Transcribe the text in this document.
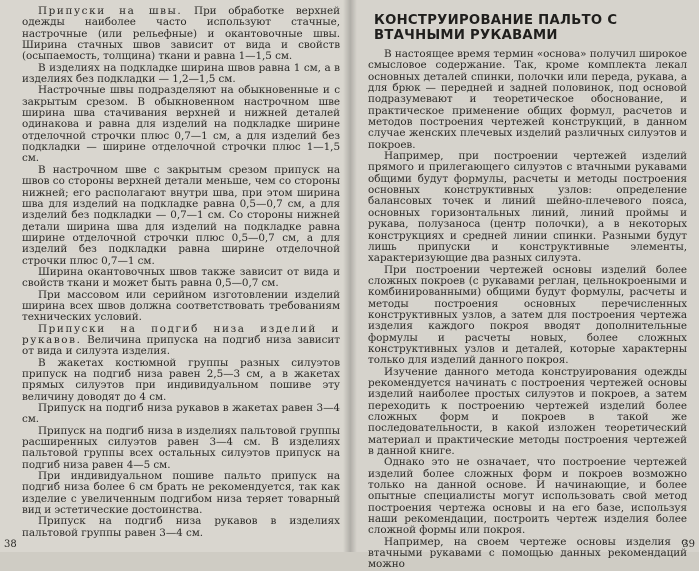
Припуски на швы. При обработке верхней одежды наиболее часто используют стачные, настрочные (или рельефные) и окантовочные швы. Ширина стачных швов зависит от вида и свойств (осыпаемость, толщина) ткани и равна 1—1,5 см.

В изделиях на подкладке ширина швов равна 1 см, а в изделиях без подкладки — 1,2—1,5 см.

Настрочные швы подразделяют на обыкновенные и с закрытым срезом. В обыкновенном настрочном шве ширина шва стачивания верхней и нижней деталей одинакова и равна для изделий на подкладке ширине отделочной строчки плюс 0,7—1 см, а для изделий без подкладки — ширине отделочной строчки плюс 1—1,5 см.

В настрочном шве с закрытым срезом припуск на швов со стороны верхней детали меньше, чем со стороны нижней; его располагают внутри шва, при этом ширина шва для изделий на подкладке равна 0,5—0,7 см, а для изделий без подкладки — 0,7—1 см. Со стороны нижней детали ширина шва для изделий на подкладке равна ширине отделочной строчки плюс 0,5—0,7 см, а для изделий без подкладки равна ширине отделочной строчки плюс 0,7—1 см.

Ширина окантовочных швов также зависит от вида и свойств ткани и может быть равна 0,5—0,7 см.

При массовом или серийном изготовлении изделий ширина всех швов должна соответствовать требованиям технических условий.

Припуски на подгиб низа изделий и рукавов. Величина припуска на подгиб низа зависит от вида и силуэта изделия.

В жакетах костюмной группы разных силуэтов припуск на подгиб низа равен 2,5—3 см, а в жакетах прямых силуэтов при индивидуальном пошиве эту величину доводят до 4 см.

Припуск на подгиб низа рукавов в жакетах равен 3—4 см.

Припуск на подгиб низа в изделиях пальтовой группы расширенных силуэтов равен 3—4 см. В изделиях пальтовой группы всех остальных силуэтов припуск на подгиб низа равен 4—5 см.

При индивидуальном пошиве пальто припуск на подгиб низа более 6 см брать не рекомендуется, так как изделие с увеличенным подгибом низа теряет товарный вид и эстетические достоинства.

Припуск на подгиб низа рукавов в изделиях пальтовой группы равен 3—4 см.

38
КОНСТРУИРОВАНИЕ ПАЛЬТО С ВТАЧНЫМИ РУКАВАМИ

В настоящее время термин «основа» получил широкое смысловое содержание. Так, кроме комплекта лекал основных деталей спинки, полочки или переда, рукава, а для брюк — передней и задней половинок, под основой подразумевают и теоретическое обоснование, и практическое применение общих формул, расчетов и методов построения чертежей конструкций, в данном случае женских плечевых изделий различных силуэтов и покроев.

Например, при построении чертежей изделий прямого и прилегающего силуэтов с втачными рукавами общими будут формулы, расчеты и методы построения основных конструктивных узлов: определение балансовых точек и линий шейно-плечевого пояса, основных горизонтальных линий, линий проймы и рукава, полузаноса (центр полочки), а в некоторых конструкциях и средней линии спинки. Разными будут лишь припуски и конструктивные элементы, характеризующие два разных силуэта.

При построении чертежей основы изделий более сложных покроев (с рукавами реглан, цельнокроеными и комбинированными) общими будут формулы, расчеты и методы построения основных перечисленных конструктивных узлов, а затем для построения чертежа изделия каждого покроя вводят дополнительные формулы и расчеты новых, более сложных конструктивных узлов и деталей, которые характерны только для изделий данного покроя.

Изучение данного метода конструирования одежды рекомендуется начинать с построения чертежей основы изделий наиболее простых силуэтов и покроев, а затем переходить к построению чертежей изделий более сложных форм и покроев в такой же последовательности, в какой изложен теоретический материал и практические методы построения чертежей в данной книге.

Однако это не означает, что построение чертежей изделий более сложных форм и покроев возможно только на данной основе. И начинающие, и более опытные специалисты могут использовать свой метод построения чертежа основы и на его базе, используя наши рекомендации, построить чертеж изделия более сложной формы или покроя.

Например, на своем чертеже основы изделия с втачными рукавами с помощью данных рекомендаций можно

39
